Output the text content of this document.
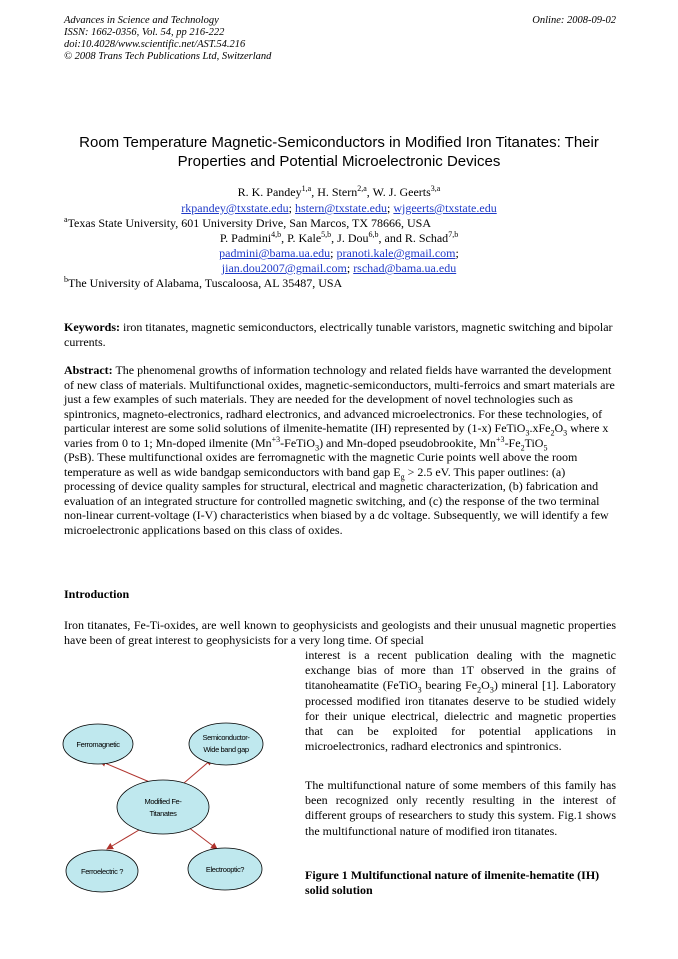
Advances in Science and Technology
ISSN: 1662-0356, Vol. 54, pp 216-222
doi:10.4028/www.scientific.net/AST.54.216
© 2008 Trans Tech Publications Ltd, Switzerland
Online: 2008-09-02
Room Temperature Magnetic-Semiconductors in Modified Iron Titanates: Their
Properties and Potential Microelectronic Devices
R. K. Pandey$^{1,a}$, H. Stern$^{2,a}$, W. J. Geerts$^{3,a}$
rkpandey@txstate.edu; hstern@txstate.edu; wjgeerts@txstate.edu
$^a$Texas State University, 601 University Drive, San Marcos, TX 78666, USA
P. Padmini$^{4,b}$, P. Kale$^{5,b}$, J. Dou$^{6,b}$, and R. Schad$^{7,b}$
padmini@bama.ua.edu; pranoti.kale@gmail.com;
jian.dou2007@gmail.com; rschad@bama.ua.edu
$^b$The University of Alabama, Tuscaloosa, AL 35487, USA

Keywords: iron titanates, magnetic semiconductors, electrically tunable varistors, magnetic switching and bipolar currents.

Abstract: The phenomenal growths of information technology and related fields have warranted the development of new class of materials. Multifunctional oxides, magnetic-semiconductors, multi-ferroics and smart materials are just a few examples of such materials. They are needed for the development of novel technologies such as spintronics, magneto-electronics, radhard electronics, and advanced microelectronics. For these technologies, of particular interest are some solid solutions of ilmenite-hematite (IH) represented by (1-x) $FeTiO_3.xFe_2O_3$ where x varies from 0 to 1; Mn-doped ilmenite $(Mn^{+3}-FeTiO_3)$ and Mn-doped pseudobrookite, $Mn^{+3}-Fe_2TiO_5$
(PsB). These multifunctional oxides are ferromagnetic with the magnetic Curie points well above the room temperature as well as wide bandgap semiconductors with band gap $E_g > 2.5$ eV. This paper outlines: (a) processing of device quality samples for structural, electrical and magnetic characterization, (b) fabrication and evaluation of an integrated structure for controlled magnetic switching, and (c) the response of the two terminal non-linear current-voltage (I-V) characteristics when biased by a dc voltage. Subsequently, we will identify a few microelectronic applications based on this class of oxides.

Introduction

Iron titanates, Fe-Ti-oxides, are well known to geophysicists and geologists and their unusual magnetic properties have been of great interest to geophysicists for a very long time. Of special

interest is a recent publication dealing with the magnetic exchange bias of more than 1T observed in the grains of titanoheamatite (FeTiO$_3$ bearing $Fe_2O_3$) mineral [1]. Laboratory processed modified iron titanates deserve to be studied widely for their unique electrical, dielectric and magnetic properties that can be exploited for potential applications in microelectronics, radhard electronics and spintronics.

The multifunctional nature of some members of this family has been recognized only recently resulting in the interest of different groups of researchers to study this system. Fig.1 shows the multifunctional nature of modified iron titanates.

Ferromagnetic
Semiconductor-
Wide band gap
Modified Fe-
Titanates
Ferroelectric ?	Electrooptic?	Figure 1 Multifunctional nature of ilmenite-hematite (IH) solid solution
